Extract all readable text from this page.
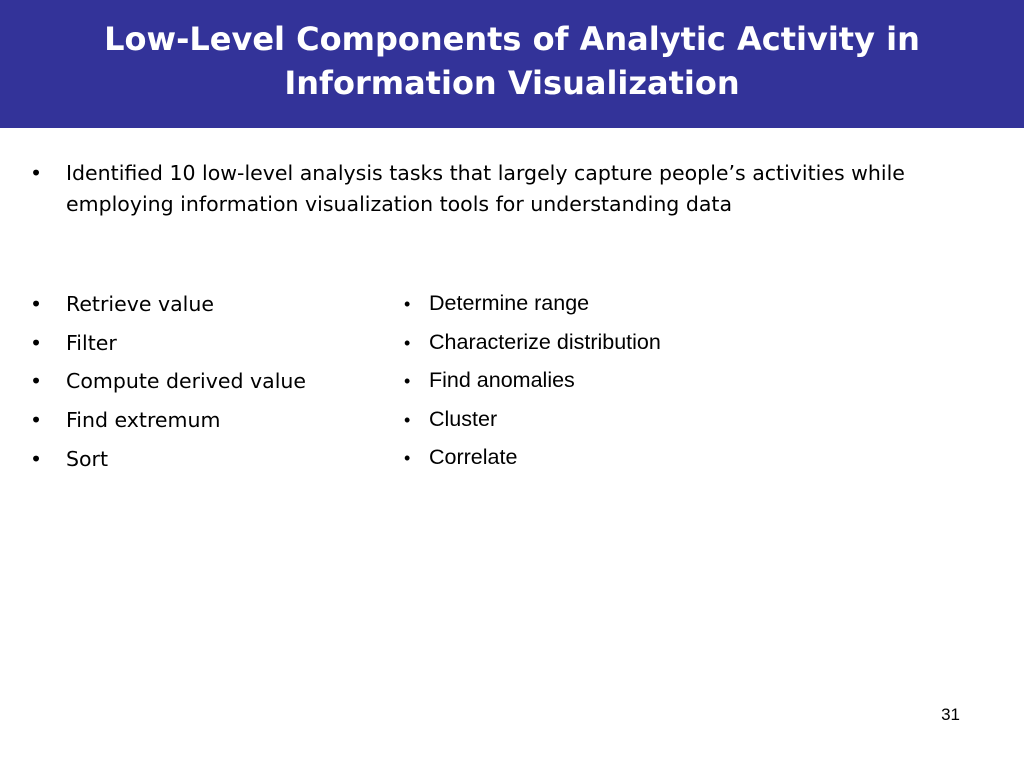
Low-Level Components of Analytic Activity in Information Visualization
• Identified 10 low-level analysis tasks that largely capture people’s activities while employing information visualization tools for understanding data
• Retrieve value
• Filter
• Compute derived value
• Find extremum
• Sort
• Determine range
• Characterize distribution
• Find anomalies
• Cluster
• Correlate
31
